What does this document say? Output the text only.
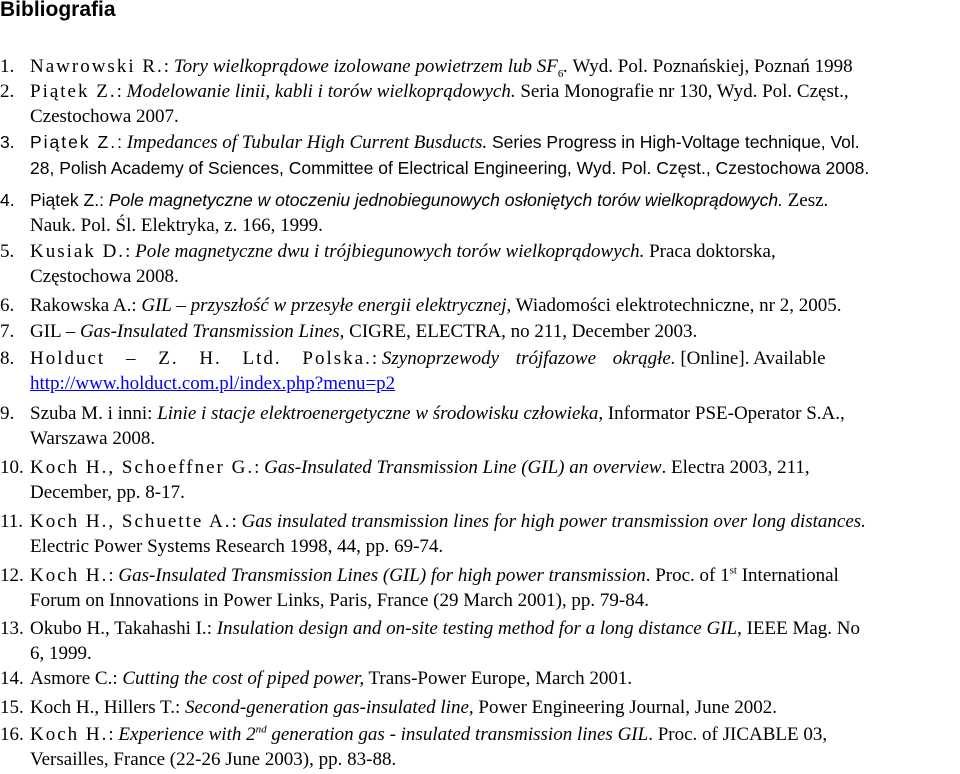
Bibliografia
1. Nawrowski R.: Tory wielkoprądowe izolowane powietrzem lub $SF_6$. Wyd. Pol. Poznańskiej, Poznań 1998
2. Piątek Z.: Modelowanie linii, kabli i torów wielkoprądowych. Seria Monografie nr 130, Wyd. Pol. Częst.,
Czestochowa 2007.
3. Piątek Z.: Impedances of Tubular High Current Busducts. Series Progress in High-Voltage technique, Vol.
28, Polish Academy of Sciences, Committee of Electrical Engineering, Wyd. Pol. Częst., Czestochowa 2008.
4. Piątek Z.: Pole magnetyczne w otoczeniu jednobiegunowych osłoniętych torów wielkoprądowych. Zesz.
Nauk. Pol. Śl. Elektryka, z. 166, 1999.
5. Kusiak D.: Pole magnetyczne dwu i trójbiegunowych torów wielkoprądowych. Praca doktorska,
Częstochowa 2008.
6. Rakowska A.: GIL – przyszłość w przesyłe energii elektrycznej, Wiadomości elektrotechniczne, nr 2, 2005.
7. GIL – Gas-Insulated Transmission Lines, CIGRE, ELECTRA, no 211, December 2003.
8. Holduct – Z. H. Ltd. Polska.: Szynoprzewody trójfazowe okrągłe. [Online]. Available
http://www.holduct.com.pl/index.php?menu=p2
9. Szuba M. i inni: Linie i stacje elektroenergetyczne w środowisku człowieka, Informator PSE-Operator S.A.,
Warszawa 2008.
10. Koch H., Schoeffner G.: Gas-Insulated Transmission Line (GIL) an overview. Electra 2003, 211,
December, pp. 8-17.
11. Koch H., Schuette A.: Gas insulated transmission lines for high power transmission over long distances.
Electric Power Systems Research 1998, 44, pp. 69-74.
12. Koch H.: Gas-Insulated Transmission Lines (GIL) for high power transmission. Proc. of 1st International
Forum on Innovations in Power Links, Paris, France (29 March 2001), pp. 79-84.
13. Okubo H., Takahashi I.: Insulation design and on-site testing method for a long distance GIL, IEEE Mag. No
6, 1999.
14. Asmore C.: Cutting the cost of piped power, Trans-Power Europe, March 2001.
15. Koch H., Hillers T.: Second-generation gas-insulated line, Power Engineering Journal, June 2002.
16. Koch H.: Experience with 2nd generation gas - insulated transmission lines GIL. Proc. of JICABLE 03,
Versailles, France (22-26 June 2003), pp. 83-88.
